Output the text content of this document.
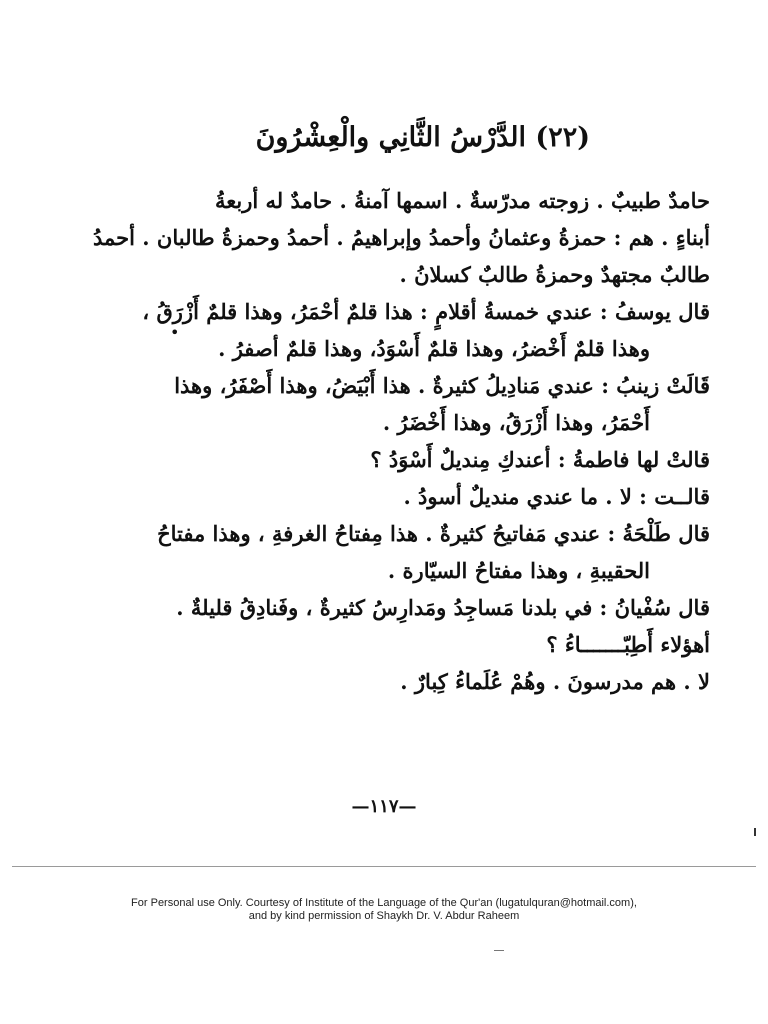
(٢٢) الدَّرْسُ الثَّانِي والْعِشْرُونَ
حامدٌ طبيبٌ . زوجته مدرّسةٌ . اسمها آمنةُ . حامدٌ له أربعةُ
أبناءٍ . هم : حمزةُ وعثمانُ وأحمدُ وإبراهيمُ . أحمدُ وحمزةُ طالبان . أحمدُ
طالبٌ مجتهدٌ وحمزةُ طالبٌ كسلانُ .
قال يوسفُ : عندي خمسةُ أقلامٍ : هذا قلمٌ أحْمَرُ، وهذا قلمٌ أَزْرَقُ ،
وهذا قلمٌ أَخْضرُ، وهذا قلمٌ أَسْوَدُ، وهذا قلمٌ أصفرُ .
قَالَتْ زينبُ : عندي مَنادِيلُ كثيرةٌ . هذا أَبْيَضُ، وهذا أَصْفَرُ، وهذا
أَحْمَرُ، وهذا أَزْرَقُ، وهذا أَخْضَرُ .
قالتْ لها فاطمةُ : أعندكِ مِنديلٌ أَسْوَدُ ؟
قالــت : لا . ما عندي منديلٌ أسودُ .
قال طَلْحَةُ : عندي مَفاتيحُ كثيرةٌ . هذا مِفتاحُ الغرفةِ ، وهذا مفتاحُ
الحقيبةِ ، وهذا مفتاحُ السيّارة .
قال سُفْيانُ : في بلدنا مَساجِدُ ومَدارِسُ كثيرةٌ ، وفَنادِقُ قليلةٌ .
أهؤلاء أَطِبّـــــــاءُ ؟
لا . هم مدرسونَ . وهُمْ عُلَماءُ كِبارٌ .
•
—١١٧—
For Personal use Only. Courtesy of Institute of the Language of the Qur'an (lugatulquran@hotmail.com),
and by kind permission of Shaykh Dr. V. Abdur Raheem
